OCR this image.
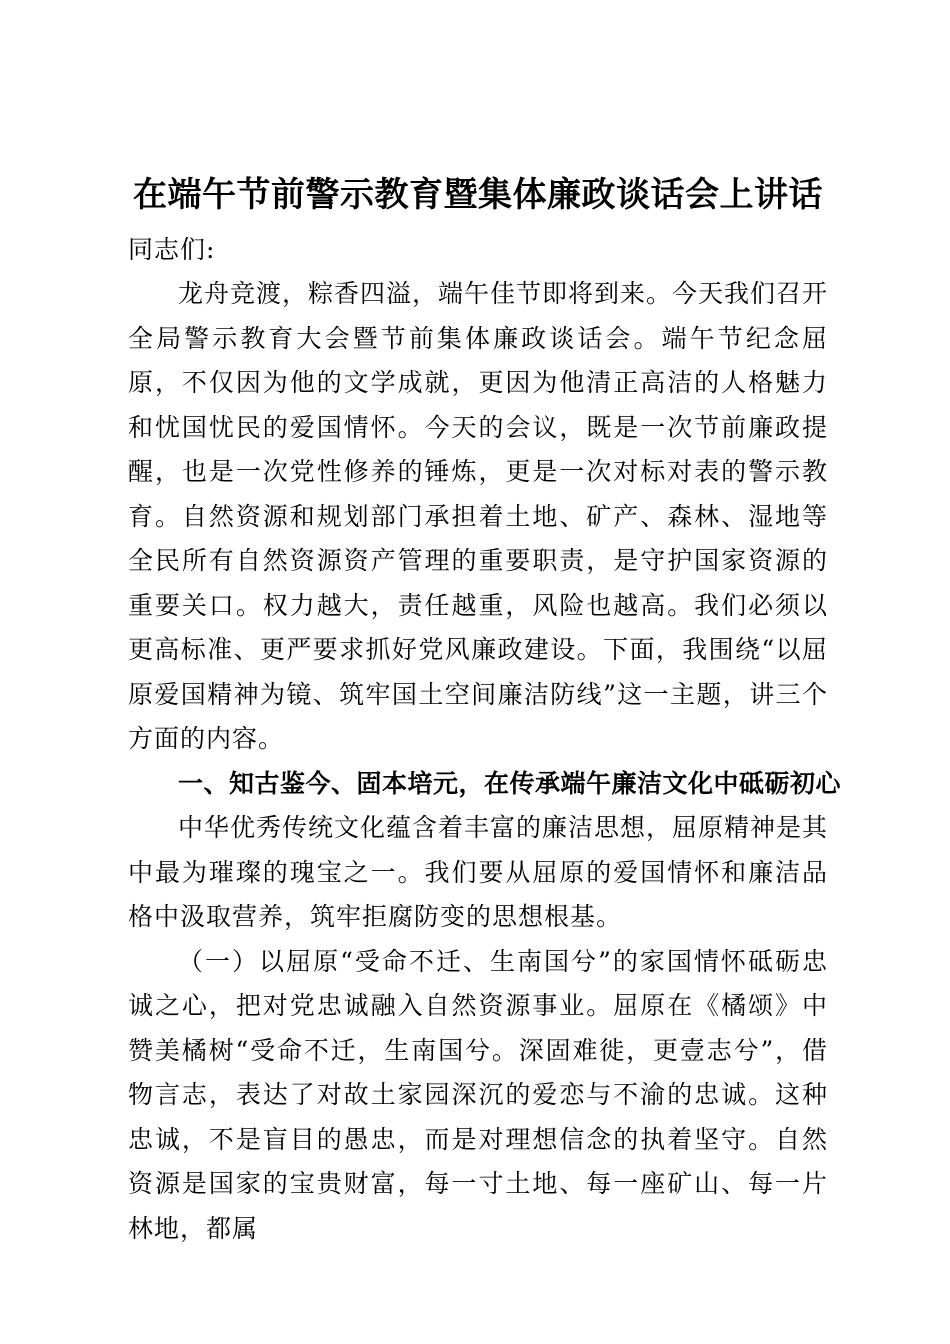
在端午节前警示教育暨集体廉政谈话会上讲话

同志们:

龙舟竞渡，粽香四溢，端午佳节即将到来。今天我们召开全局警示教育大会暨节前集体廉政谈话会。端午节纪念屈原，不仅因为他的文学成就，更因为他清正高洁的人格魅力和忧国忧民的爱国情怀。今天的会议，既是一次节前廉政提醒，也是一次党性修养的锤炼，更是一次对标对表的警示教育。自然资源和规划部门承担着土地、矿产、森林、湿地等全民所有自然资源资产管理的重要职责，是守护国家资源的重要关口。权力越大，责任越重，风险也越高。我们必须以更高标准、更严要求抓好党风廉政建设。下面，我围绕“以屈原爱国精神为镜、筑牢国土空间廉洁防线”这一主题，讲三个方面的内容。

一、知古鉴今、固本培元，在传承端午廉洁文化中砥砺初心

中华优秀传统文化蕴含着丰富的廉洁思想，屈原精神是其中最为璀璨的瑰宝之一。我们要从屈原的爱国情怀和廉洁品格中汲取营养，筑牢拒腐防变的思想根基。

（一）以屈原“受命不迁、生南国兮”的家国情怀砥砺忠诚之心，把对党忠诚融入自然资源事业。屈原在《橘颂》中赞美橘树“受命不迁，生南国兮。深固难徙，更壹志兮”，借物言志，表达了对故土家园深沉的爱恋与不渝的忠诚。这种忠诚，不是盲目的愚忠，而是对理想信念的执着坚守。自然资源是国家的宝贵财富，每一寸土地、每一座矿山、每一片林地，都属
